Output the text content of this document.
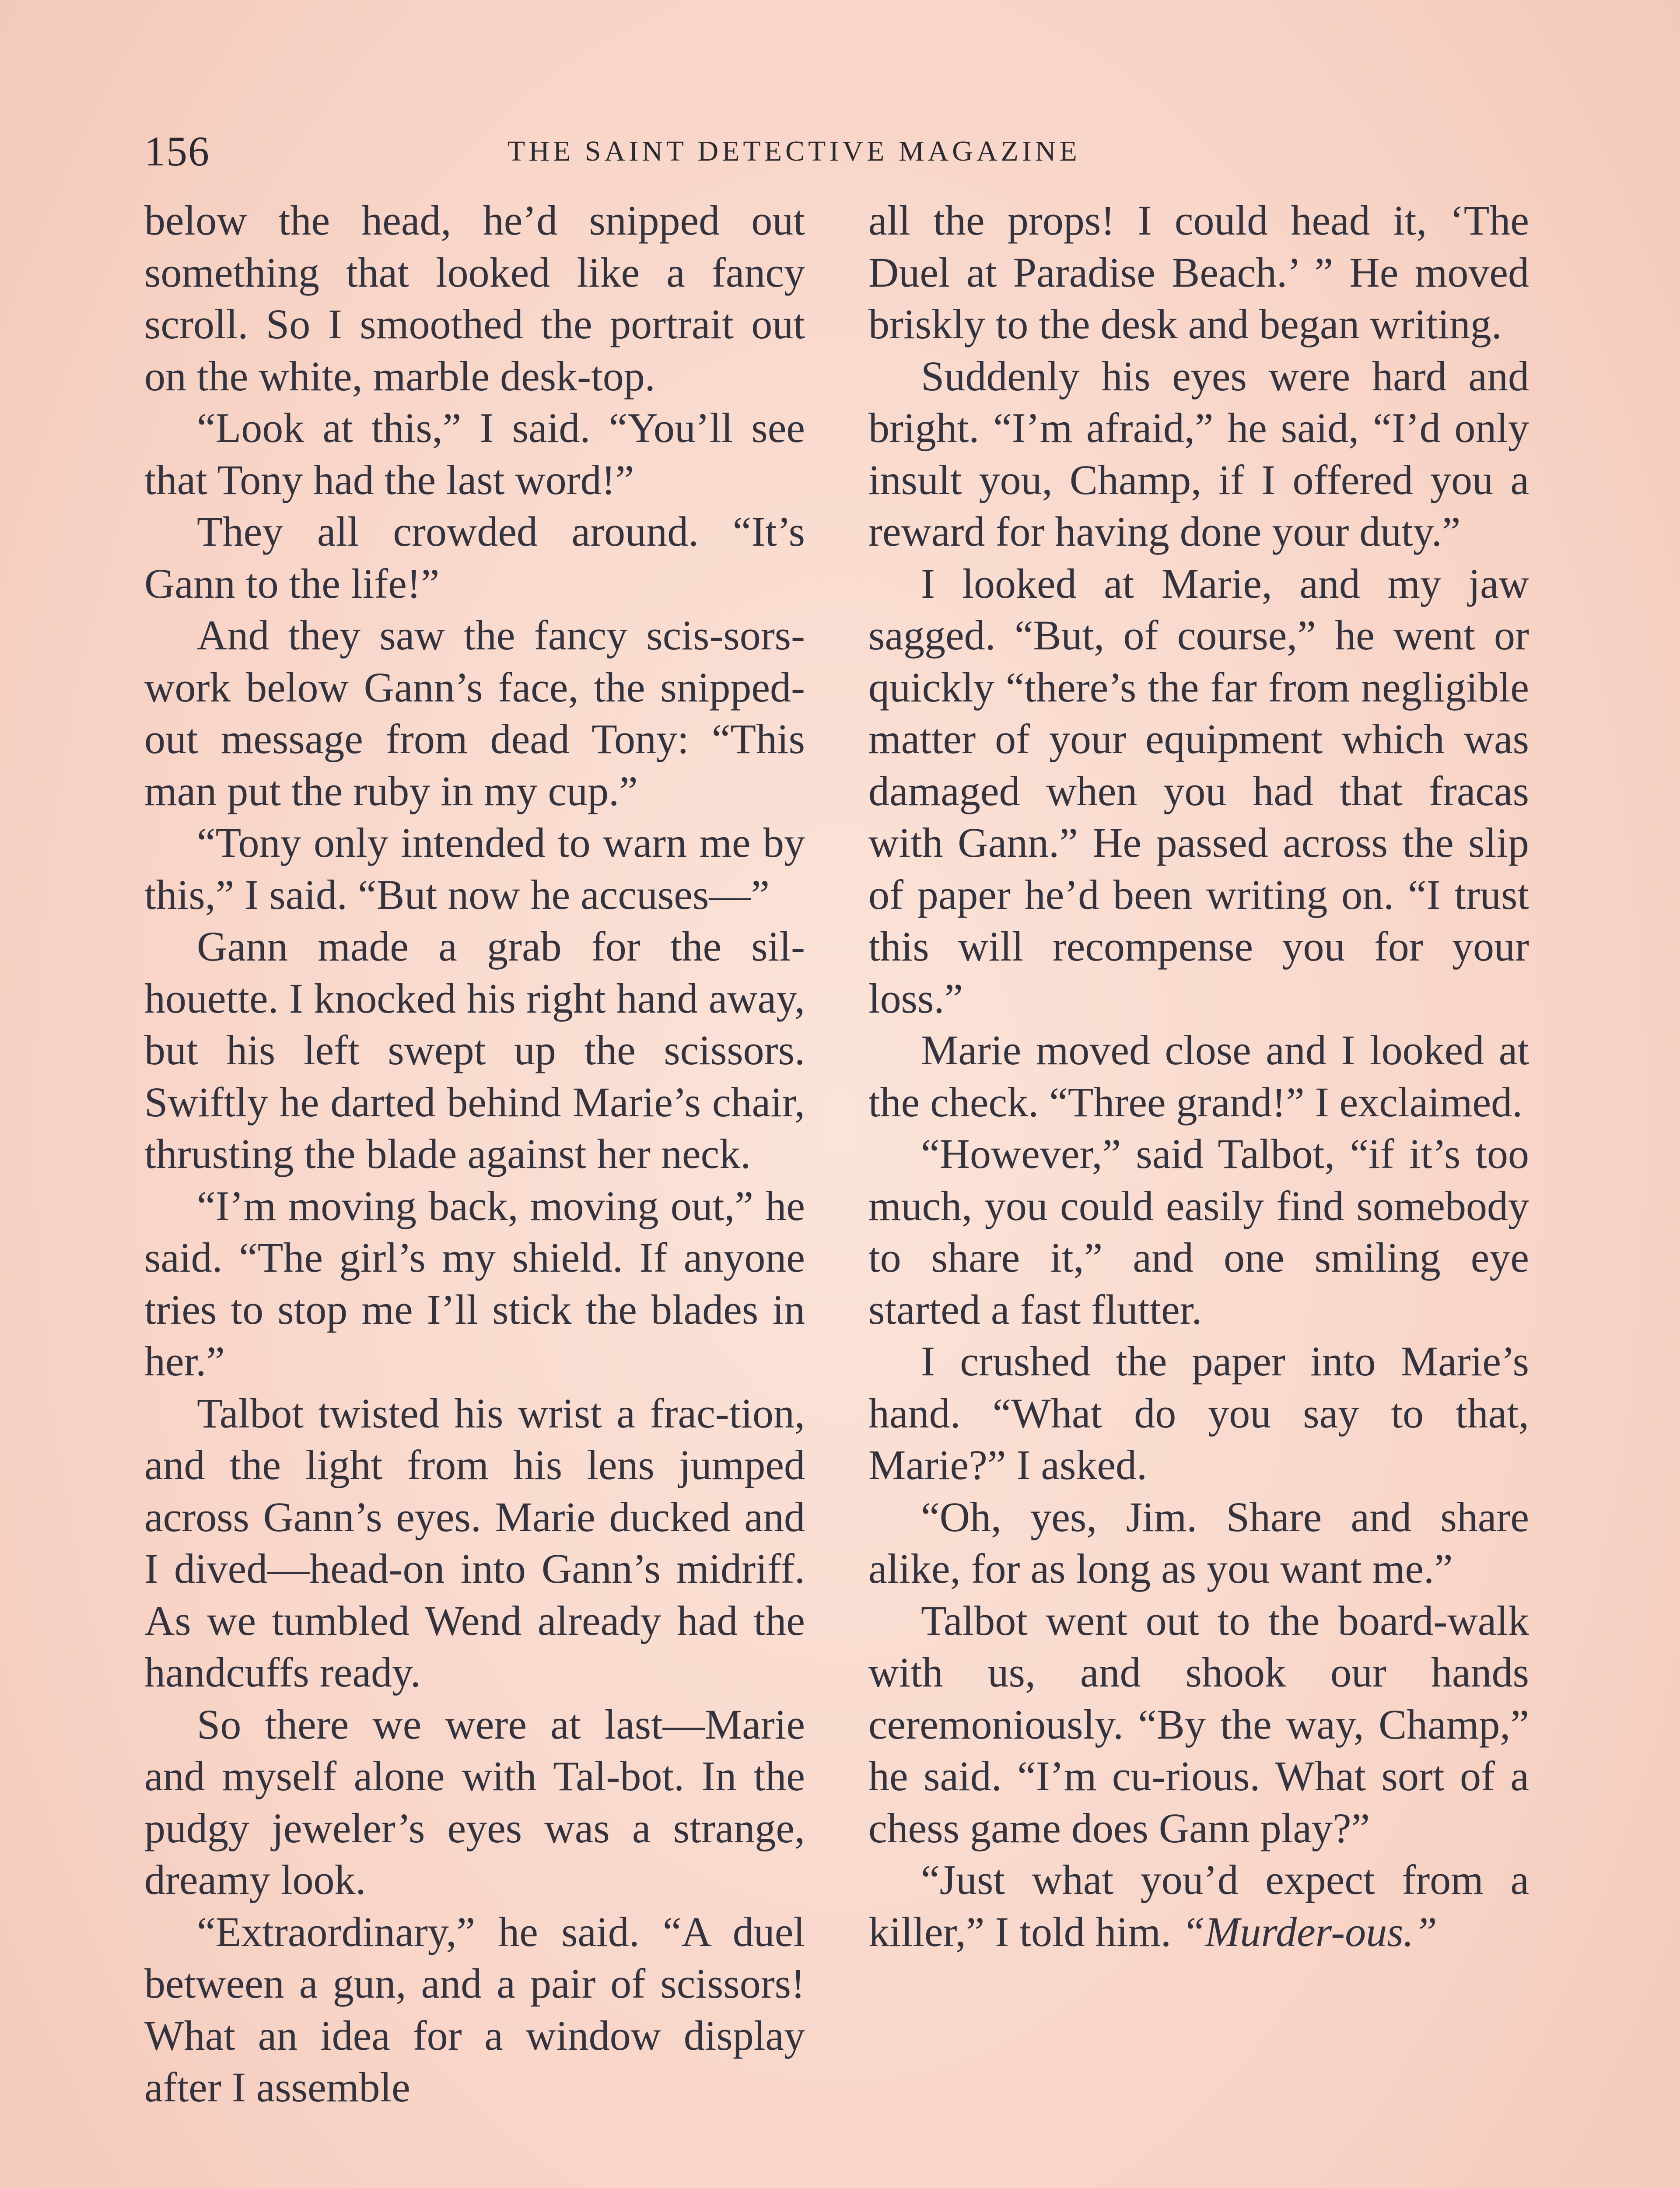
156	THE SAINT DETECTIVE MAGAZINE

below the head, he’d snipped out something that looked like a fancy scroll. So I smoothed the portrait out on the white, marble desk-top.

“Look at this,” I said. “You’ll see that Tony had the last word!”

They all crowded around. “It’s Gann to the life!”

And they saw the fancy scis-sors-work below Gann’s face, the snipped-out message from dead Tony: “This man put the ruby in my cup.”

“Tony only intended to warn me by this,” I said. “But now he accuses—”

Gann made a grab for the sil-houette. I knocked his right hand away, but his left swept up the scissors. Swiftly he darted behind Marie’s chair, thrusting the blade against her neck.

“I’m moving back, moving out,” he said. “The girl’s my shield. If anyone tries to stop me I’ll stick the blades in her.”

Talbot twisted his wrist a frac-tion, and the light from his lens jumped across Gann’s eyes. Marie ducked and I dived—head-on into Gann’s midriff. As we tumbled Wend already had the handcuffs ready.

So there we were at last—Marie and myself alone with Tal-bot. In the pudgy jeweler’s eyes was a strange, dreamy look.

“Extraordinary,” he said. “A duel between a gun, and a pair of scissors! What an idea for a window display after I assemble

all the props! I could head it, ‘The Duel at Paradise Beach.’ ” He moved briskly to the desk and began writing.

Suddenly his eyes were hard and bright. “I’m afraid,” he said, “I’d only insult you, Champ, if I offered you a reward for having done your duty.”

I looked at Marie, and my jaw sagged. “But, of course,” he went or quickly “there’s the far from negligible matter of your equipment which was damaged when you had that fracas with Gann.” He passed across the slip of paper he’d been writing on. “I trust this will recompense you for your loss.”

Marie moved close and I looked at the check. “Three grand!” I exclaimed.

“However,” said Talbot, “if it’s too much, you could easily find somebody to share it,” and one smiling eye started a fast flutter.

I crushed the paper into Marie’s hand. “What do you say to that, Marie?” I asked.

“Oh, yes, Jim. Share and share alike, for as long as you want me.”

Talbot went out to the board-walk with us, and shook our hands ceremoniously. “By the way, Champ,” he said. “I’m cu-rious. What sort of a chess game does Gann play?”

“Just what you’d expect from a killer,” I told him. “Murder-ous.”
